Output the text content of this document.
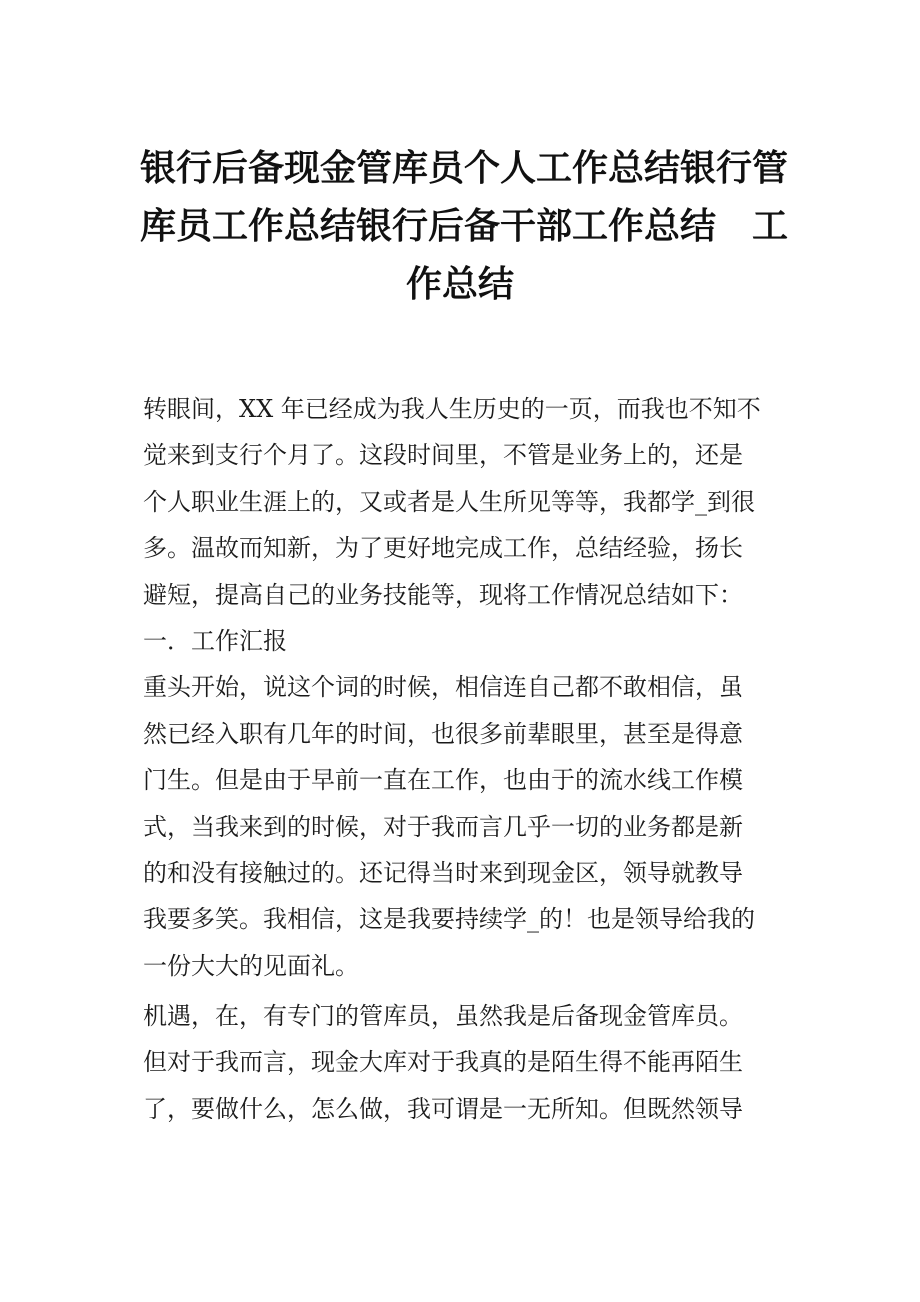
银行后备现金管库员个人工作总结银行管
库员工作总结银行后备干部工作总结　工
作总结

转眼间，XX 年已经成为我人生历史的一页，而我也不知不
觉来到支行个月了。这段时间里，不管是业务上的，还是
个人职业生涯上的，又或者是人生所见等等，我都学_到很
多。温故而知新，为了更好地完成工作，总结经验，扬长
避短，提高自己的业务技能等，现将工作情况总结如下：

一．工作汇报

重头开始，说这个词的时候，相信连自己都不敢相信，虽
然已经入职有几年的时间，也很多前辈眼里，甚至是得意
门生。但是由于早前一直在工作，也由于的流水线工作模
式，当我来到的时候，对于我而言几乎一切的业务都是新
的和没有接触过的。还记得当时来到现金区，领导就教导
我要多笑。我相信，这是我要持续学_的！也是领导给我的
一份大大的见面礼。

机遇，在，有专门的管库员，虽然我是后备现金管库员。
但对于我而言，现金大库对于我真的是陌生得不能再陌生
了，要做什么，怎么做，我可谓是一无所知。但既然领导
